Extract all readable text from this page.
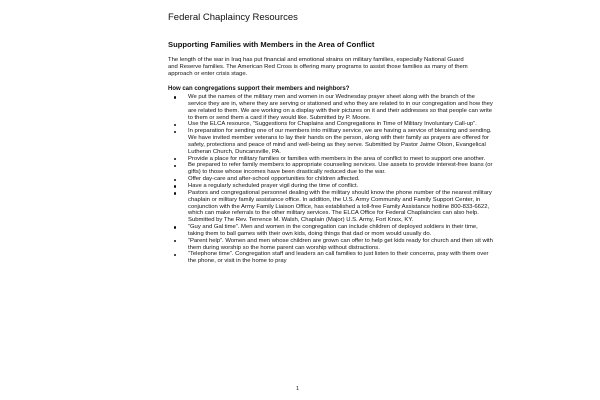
Federal Chaplaincy Resources
Supporting Families with Members in the Area of Conflict
The length of the war in Iraq has put financial and emotional strains on military families, especially National Guard and Reserve families. The American Red Cross is offering many programs to assist those families as many of them approach or enter crisis stage.
How can congregations support their members and neighbors?
We put the names of the military men and women in our Wednesday prayer sheet along with the branch of the service they are in, where they are serving or stationed and who they are related to in our congregation and how they are related to them. We are working on a display with their pictures on it and their addresses so that people can write to them or send them a card if they would like. Submitted by P. Moore.
Use the ELCA resource, “Suggestions for Chaplains and Congregations in Time of Military Involuntary Call-up”.
In preparation for sending one of our members into military service, we are having a service of blessing and sending. We have invited member veterans to lay their hands on the person, along with their family as prayers are offered for safety, protections and peace of mind and well-being as they serve. Submitted by Pastor Jaime Olson, Evangelical Lutheran Church, Duncansville, PA.
Provide a place for military families or families with members in the area of conflict to meet to support one another.
Be prepared to refer family members to appropriate counseling services. Use assets to provide interest-free loans (or gifts) to those whose incomes have been drastically reduced due to the war.
Offer day-care and after-school opportunities for children affected.
Have a regularly scheduled prayer vigil during the time of conflict.
Pastors and congregational personnel dealing with the military should know the phone number of the nearest military chaplain or military family assistance office. In addition, the U.S. Army Community and Family Support Center, in conjunction with the Army Family Liaison Office, has established a toll-free Family Assistance hotline 800-833-6622, which can make referrals to the other military services. The ELCA Office for Federal Chaplaincies can also help. Submitted by The Rev. Terrence M. Walsh, Chaplain (Major) U.S. Army, Fort Knox, KY.
“Guy and Gal time”. Men and women in the congregation can include children of deployed soldiers in their time, taking them to ball games with their own kids, doing things that dad or mom would usually do.
“Parent help”. Women and men whose children are grown can offer to help get kids ready for church and then sit with them during worship so the home parent can worship without distractions.
“Telephone time”. Congregation staff and leaders an call families to just listen to their concerns, pray with them over the phone, or visit in the home to pray
1
